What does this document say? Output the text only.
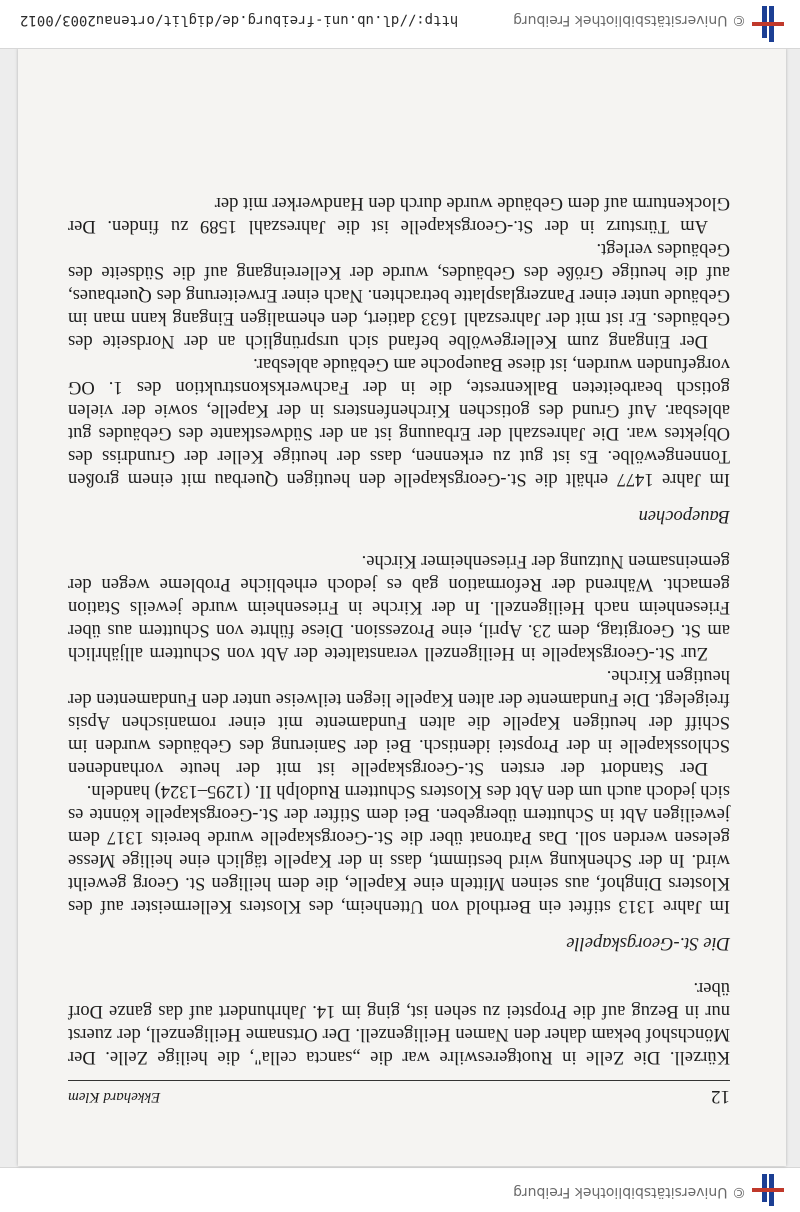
© Universitätsbibliothek Freiburg
12
Ekkehard Klem

Kürzell. Die Zelle in Ruotgereswilre war die „sancta cella", die heilige Zelle. Der Mönchshof bekam daher den Namen Heiligenzell. Der Ortsname Heiligenzell, der zuerst nur in Bezug auf die Propstei zu sehen ist, ging im 14. Jahrhundert auf das ganze Dorf über.

Die St.-Georgskapelle

Im Jahre 1313 stiftet ein Berthold von Uttenheim, des Klosters Kellermeister auf des Klosters Dinghof, aus seinen Mitteln eine Kapelle, die dem heiligen St. Georg geweiht wird. In der Schenkung wird bestimmt, dass in der Kapelle täglich eine heilige Messe gelesen werden soll. Das Patronat über die St.-Georgskapelle wurde bereits 1317 dem jeweiligen Abt in Schuttern übergeben. Bei dem Stifter der St.-Georgskapelle könnte es sich jedoch auch um den Abt des Klosters Schuttern Rudolph II. (1295–1324) handeln.

Der Standort der ersten St.-Georgskapelle ist mit der heute vorhandenen Schlosskapelle in der Propstei identisch. Bei der Sanierung des Gebäudes wurden im Schiff der heutigen Kapelle die alten Fundamente mit einer romanischen Apsis freigelegt. Die Fundamente der alten Kapelle liegen teilweise unter den Fundamenten der heutigen Kirche.

Zur St.-Georgskapelle in Heiligenzell veranstaltete der Abt von Schuttern alljährlich am St. Georgitag, dem 23. April, eine Prozession. Diese führte von Schuttern aus über Friesenheim nach Heiligenzell. In der Kirche in Friesenheim wurde jeweils Station gemacht. Während der Reformation gab es jedoch erhebliche Probleme wegen der gemeinsamen Nutzung der Friesenheimer Kirche.

Bauepochen

Im Jahre 1477 erhält die St.-Georgskapelle den heutigen Querbau mit einem großen Tonnengewölbe. Es ist gut zu erkennen, dass der heutige Keller der Grundriss des Objektes war. Die Jahreszahl der Erbauung ist an der Südwestkante des Gebäudes gut ablesbar. Auf Grund des gotischen Kirchenfensters in der Kapelle, sowie der vielen gotisch bearbeiteten Balkenreste, die in der Fachwerkskonstruktion des 1. OG vorgefunden wurden, ist diese Bauepoche am Gebäude ablesbar.

Der Eingang zum Kellergewölbe befand sich ursprünglich an der Nordseite des Gebäudes. Er ist mit der Jahreszahl 1633 datiert, den ehemaligen Eingang kann man im Gebäude unter einer Panzerglasplatte betrachten. Nach einer Erweiterung des Querbaues, auf die heutige Größe des Gebäudes, wurde der Kellereingang auf die Südseite des Gebäudes verlegt.

Am Türsturz in der St.-Georgskapelle ist die Jahreszahl 1589 zu finden. Der Glockenturm auf dem Gebäude wurde durch den Handwerker mit der

© Universitätsbibliothek Freiburg
http://dl.ub.uni-freiburg.de/diglit/ortenau2003/0012
